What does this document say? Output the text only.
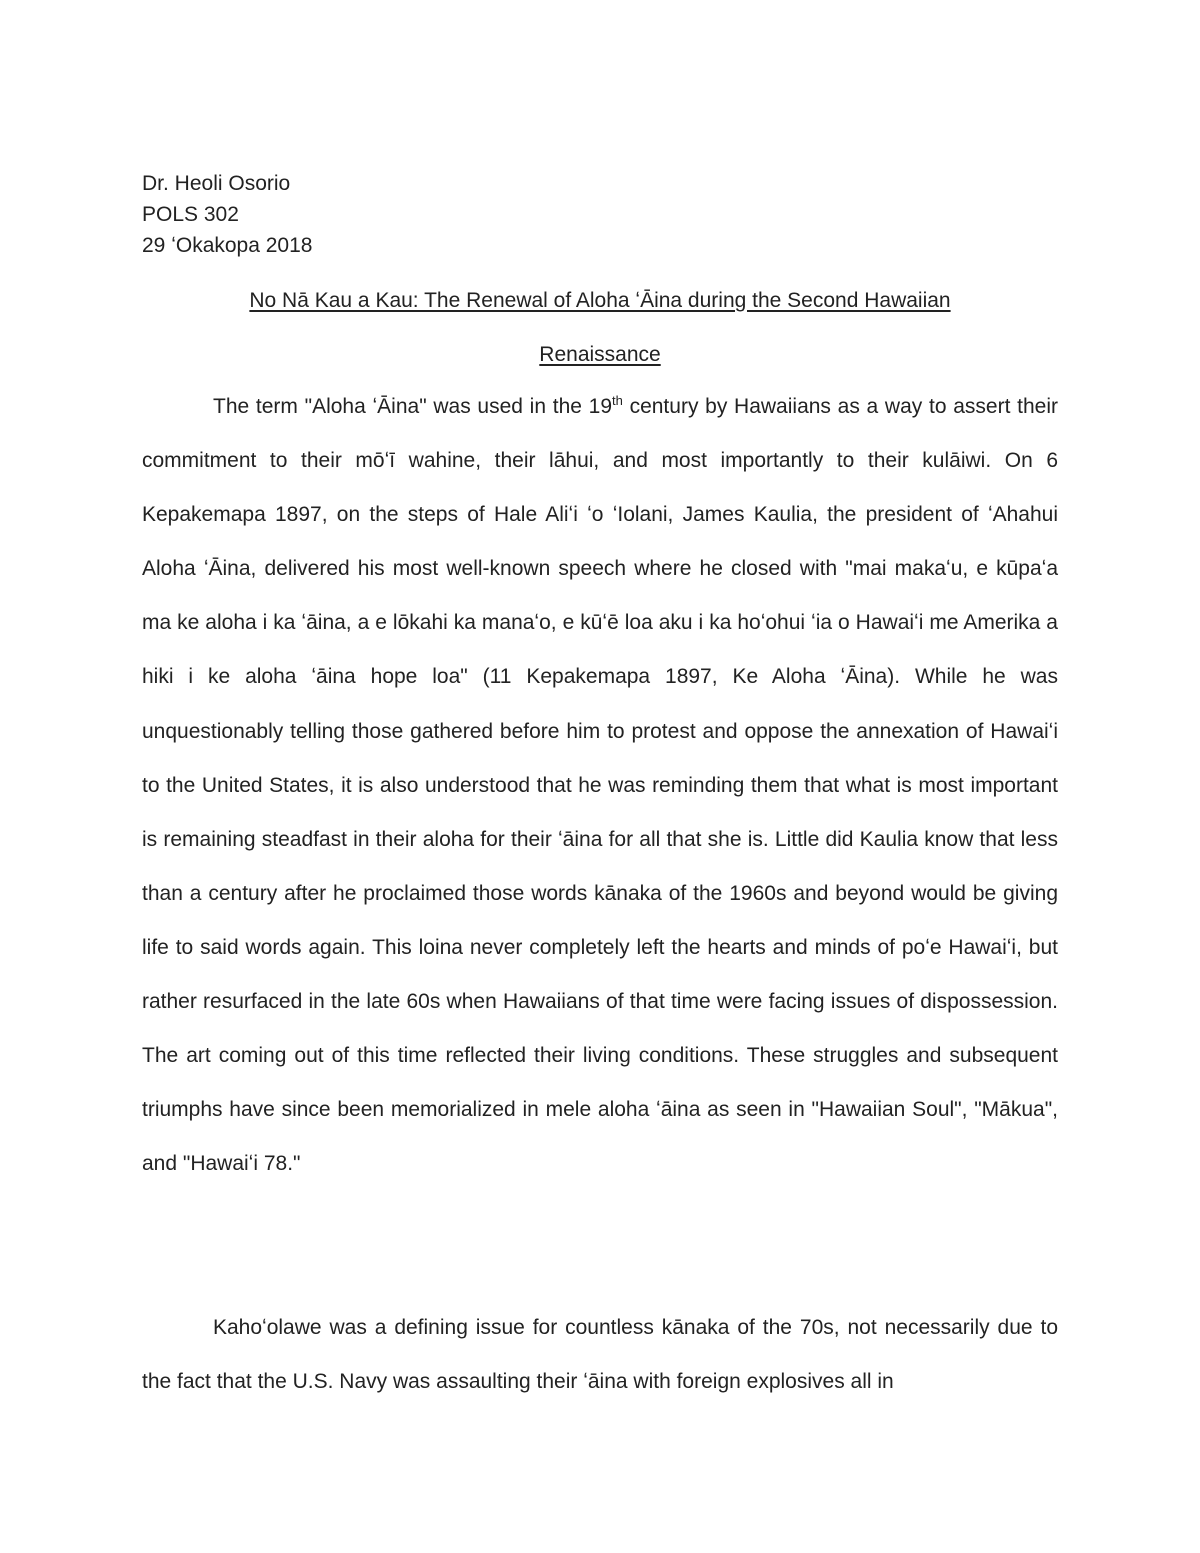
Dr. Heoli Osorio
POLS 302
29 ʻOkakopa 2018
No Nā Kau a Kau: The Renewal of Aloha ʻĀina during the Second Hawaiian
Renaissance

The term "Aloha ʻĀina" was used in the 19th century by Hawaiians as a way to assert their commitment to their mōʻī wahine, their lāhui, and most importantly to their kulāiwi. On 6 Kepakemapa 1897, on the steps of Hale Aliʻi ʻo ʻIolani, James Kaulia, the president of ʻAhahui Aloha ʻĀina, delivered his most well-known speech where he closed with "mai makaʻu, e kūpaʻa ma ke aloha i ka ʻāina, a e lōkahi ka manaʻo, e kūʻē loa aku i ka hoʻohui ʻia o Hawaiʻi me Amerika a hiki i ke aloha ʻāina hope loa" (11 Kepakemapa 1897, Ke Aloha ʻĀina). While he was unquestionably telling those gathered before him to protest and oppose the annexation of Hawaiʻi to the United States, it is also understood that he was reminding them that what is most important is remaining steadfast in their aloha for their ʻāina for all that she is. Little did Kaulia know that less than a century after he proclaimed those words kānaka of the 1960s and beyond would be giving life to said words again. This loina never completely left the hearts and minds of poʻe Hawaiʻi, but rather resurfaced in the late 60s when Hawaiians of that time were facing issues of dispossession. The art coming out of this time reflected their living conditions. These struggles and subsequent triumphs have since been memorialized in mele aloha ʻāina as seen in "Hawaiian Soul", "Mākua", and "Hawaiʻi 78."

Kahoʻolawe was a defining issue for countless kānaka of the 70s, not necessarily due to the fact that the U.S. Navy was assaulting their ʻāina with foreign explosives all in
